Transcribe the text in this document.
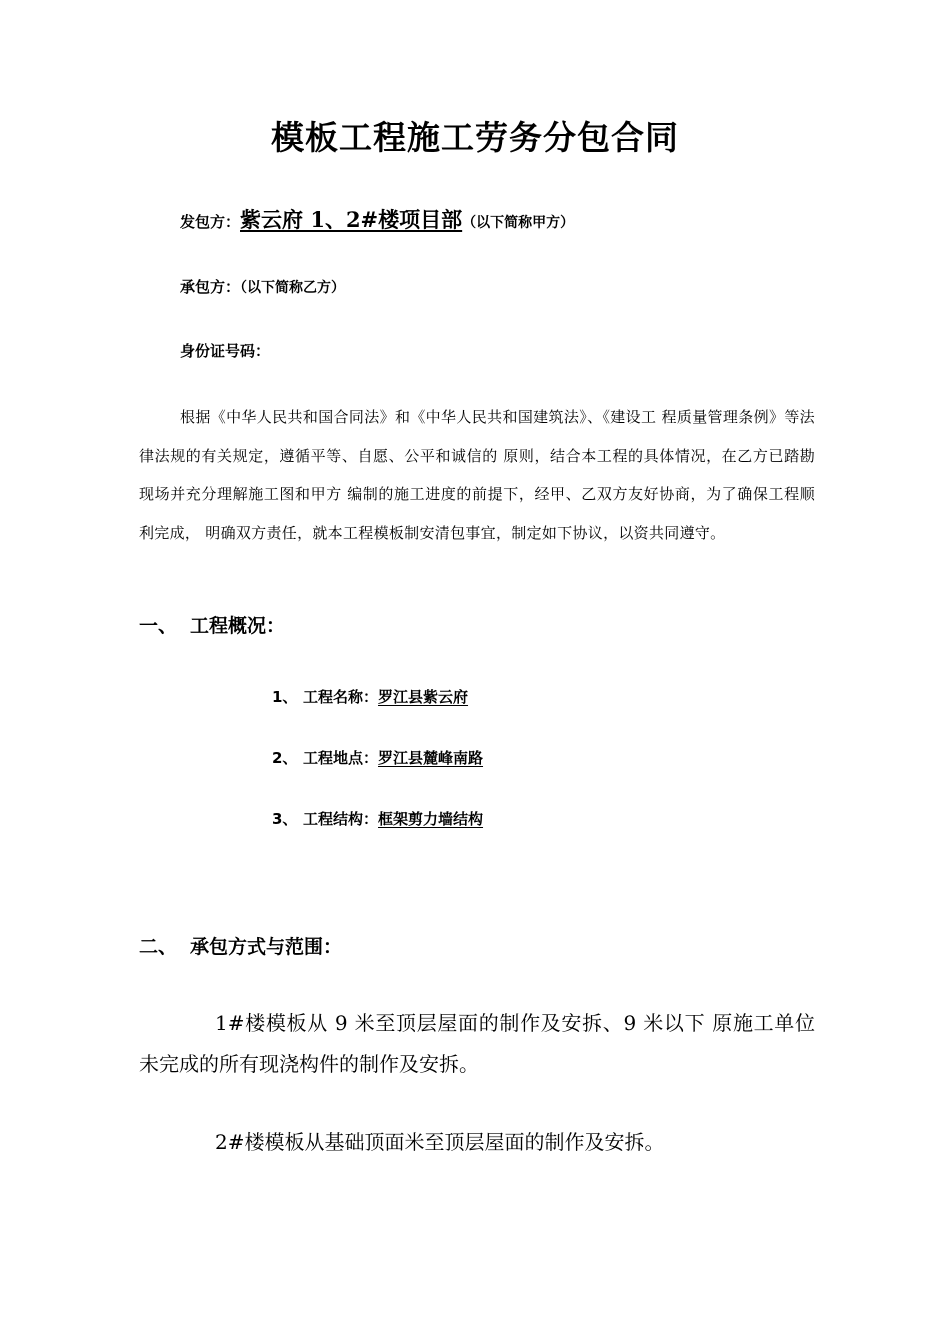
模板工程施工劳务分包合同
发包方：紫云府 1、2#楼项目部（以下简称甲方）
承包方：（以下简称乙方）
身份证号码：
根据《中华人民共和国合同法》和《中华人民共和国建筑法》、《建设工 程质量管理条例》等法律法规的有关规定，遵循平等、自愿、公平和诚信的 原则，结合本工程的具体情况，在乙方已踏勘现场并充分理解施工图和甲方 编制的施工进度的前提下，经甲、乙双方友好协商，为了确保工程顺利完成， 明确双方责任，就本工程模板制安清包事宜，制定如下协议，以资共同遵守。
一、 工程概况：
1、 工程名称：罗江县紫云府
2、 工程地点：罗江县麓峰南路
3、 工程结构：框架剪力墙结构
二、 承包方式与范围：
1#楼模板从 9 米至顶层屋面的制作及安拆、9 米以下 原施工单位未完成的所有现浇构件的制作及安拆。
2#楼模板从基础顶面米至顶层屋面的制作及安拆。
